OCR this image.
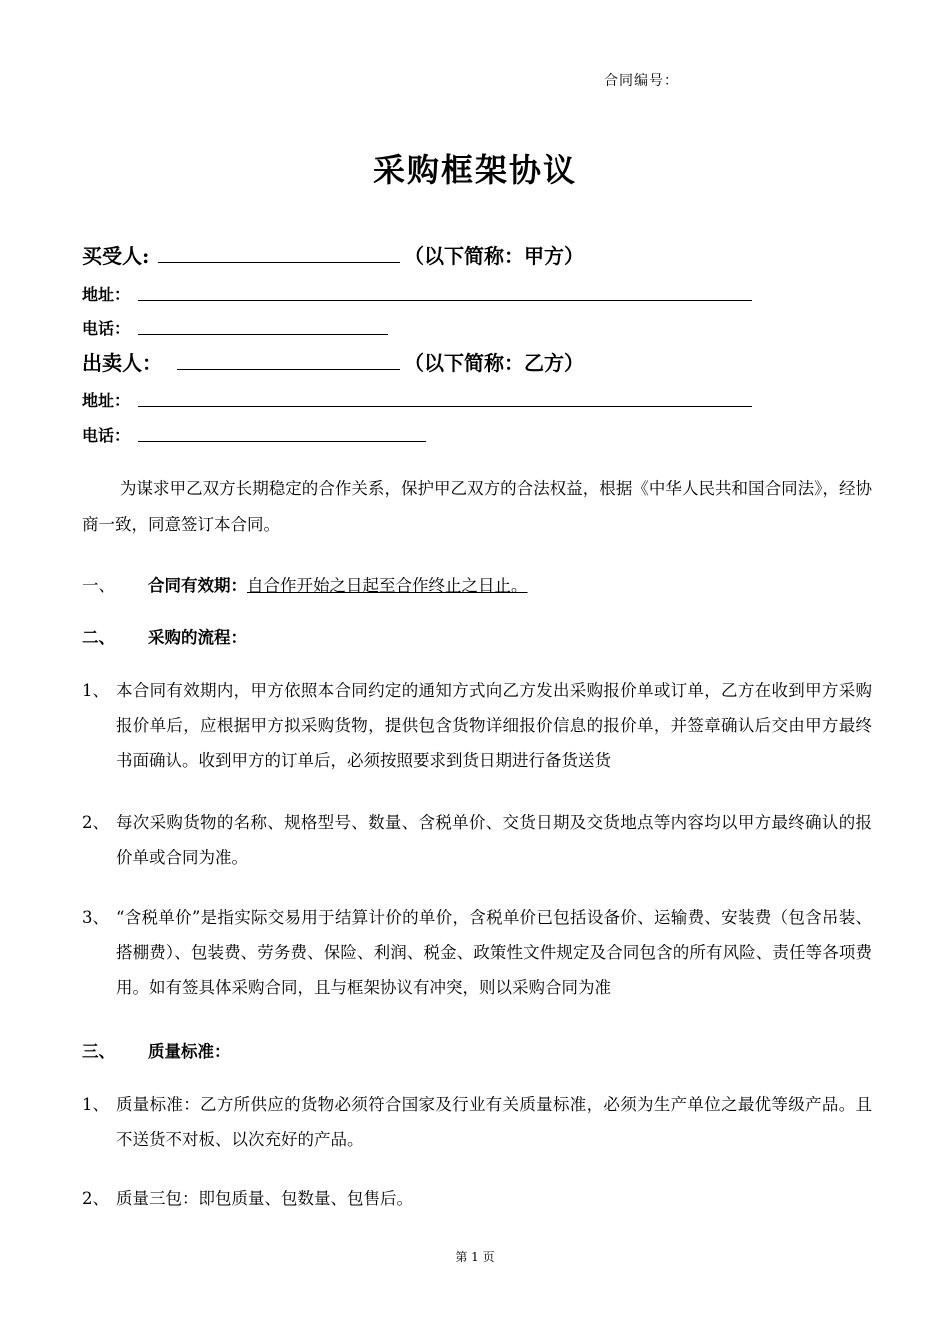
合同编号：
采购框架协议
买受人:	（以下简称：甲方）
地址：
电话：
出卖人：	（以下简称：乙方）
地址：
电话：
为谋求甲乙双方长期稳定的合作关系，保护甲乙双方的合法权益，根据《中华人民共和国合同法》，经协商一致，同意签订本合同。
一、 合同有效期：自合作开始之日起至合作终止之日止。
二、 采购的流程：
1、 本合同有效期内，甲方依照本合同约定的通知方式向乙方发出采购报价单或订单，乙方在收到甲方采购报价单后，应根据甲方拟采购货物，提供包含货物详细报价信息的报价单，并签章确认后交由甲方最终书面确认。收到甲方的订单后，必须按照要求到货日期进行备货送货
2、 每次采购货物的名称、规格型号、数量、含税单价、交货日期及交货地点等内容均以甲方最终确认的报价单或合同为准。
3、 “含税单价”是指实际交易用于结算计价的单价，含税单价已包括设备价、运输费、安装费（包含吊装、搭棚费）、包装费、劳务费、保险、利润、税金、政策性文件规定及合同包含的所有风险、责任等各项费用。如有签具体采购合同，且与框架协议有冲突，则以采购合同为准
三、 质量标准：
1、 质量标准：乙方所供应的货物必须符合国家及行业有关质量标准，必须为生产单位之最优等级产品。且不送货不对板、以次充好的产品。
2、 质量三包：即包质量、包数量、包售后。
第 1 页
